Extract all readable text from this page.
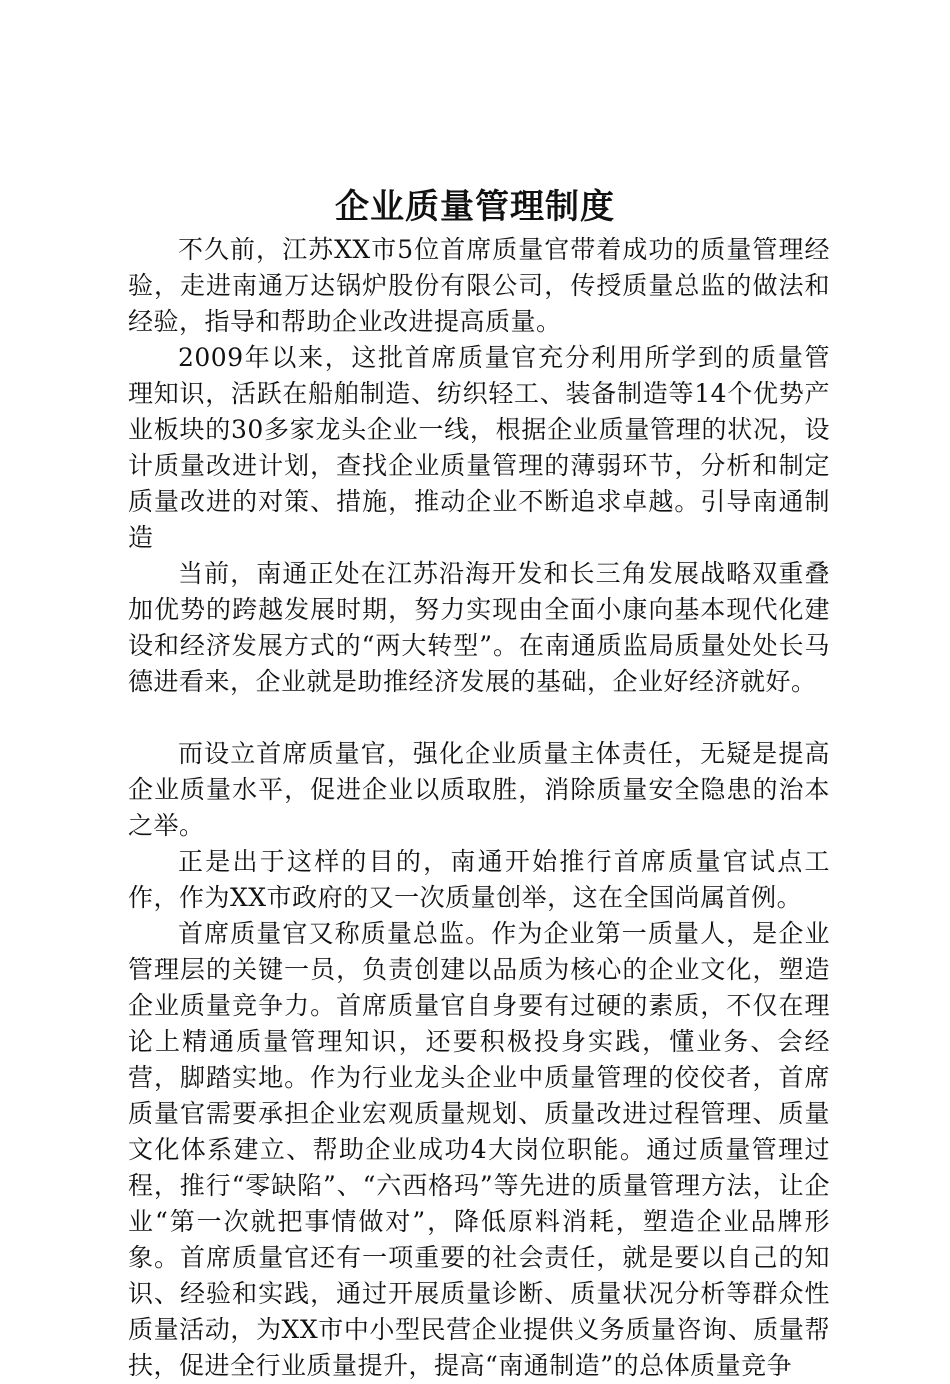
企业质量管理制度

不久前，江苏XX市5位首席质量官带着成功的质量管理经验，走进南通万达锅炉股份有限公司，传授质量总监的做法和经验，指导和帮助企业改进提高质量。

2009年以来，这批首席质量官充分利用所学到的质量管理知识，活跃在船舶制造、纺织轻工、装备制造等14个优势产业板块的30多家龙头企业一线，根据企业质量管理的状况，设计质量改进计划，查找企业质量管理的薄弱环节，分析和制定质量改进的对策、措施，推动企业不断追求卓越。引导南通制造

当前，南通正处在江苏沿海开发和长三角发展战略双重叠加优势的跨越发展时期，努力实现由全面小康向基本现代化建设和经济发展方式的“两大转型”。在南通质监局质量处处长马德进看来，企业就是助推经济发展的基础，企业好经济就好。

而设立首席质量官，强化企业质量主体责任，无疑是提高企业质量水平，促进企业以质取胜，消除质量安全隐患的治本之举。

正是出于这样的目的，南通开始推行首席质量官试点工作，作为XX市政府的又一次质量创举，这在全国尚属首例。

首席质量官又称质量总监。作为企业第一质量人，是企业管理层的关键一员，负责创建以品质为核心的企业文化，塑造企业质量竞争力。首席质量官自身要有过硬的素质，不仅在理论上精通质量管理知识，还要积极投身实践，懂业务、会经营，脚踏实地。作为行业龙头企业中质量管理的佼佼者，首席质量官需要承担企业宏观质量规划、质量改进过程管理、质量文化体系建立、帮助企业成功4大岗位职能。通过质量管理过程，推行“零缺陷”、“六西格玛”等先进的质量管理方法，让企业“第一次就把事情做对”，降低原料消耗，塑造企业品牌形象。首席质量官还有一项重要的社会责任，就是要以自己的知识、经验和实践，通过开展质量诊断、质量状况分析等群众性质量活动，为XX市中小型民营企业提供义务质量咨询、质量帮扶，促进全行业质量提升，提高“南通制造”的总体质量竞争
